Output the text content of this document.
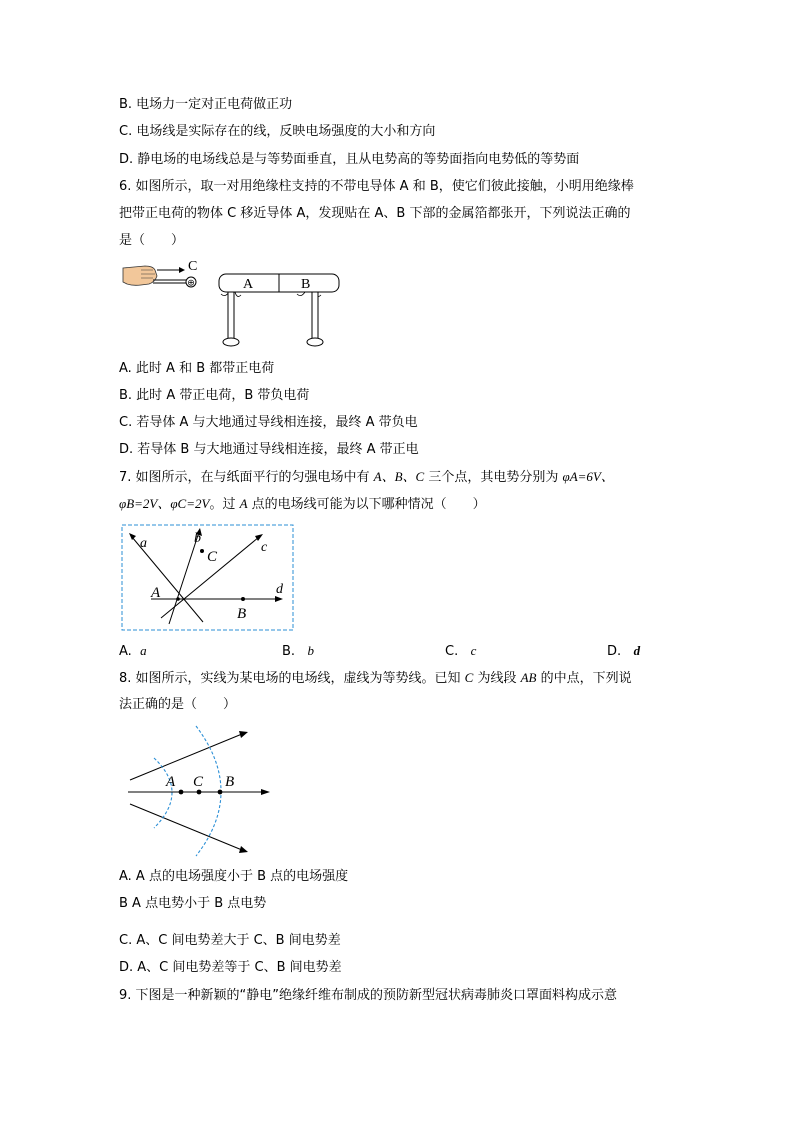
B. 电场力一定对正电荷做正功
C. 电场线是实际存在的线，反映电场强度的大小和方向
D. 静电场的电场线总是与等势面垂直，且从电势高的等势面指向电势低的等势面
6. 如图所示，取一对用绝缘柱支持的不带电导体 A 和 B，使它们彼此接触，小明用绝缘棒
把带正电荷的物体 C 移近导体 A，发现贴在 A、B 下部的金属箔都张开，下列说法正确的
是（　　）
⊕
C
A	B
A. 此时 A 和 B 都带正电荷
B. 此时 A 带正电荷，B 带负电荷
C. 若导体 A 与大地通过导线相连接，最终 A 带负电
D. 若导体 B 与大地通过导线相连接，最终 A 带正电
7. 如图所示，在与纸面平行的匀强电场中有 A、B、C 三个点，其电势分别为 φA=6V、
φB=2V、φC=2V。过 A 点的电场线可能为以下哪种情况（　　）
a	b
c
d
A
B
C
A. a	B. b	C. c	D. d
8. 如图所示，实线为某电场的电场线，虚线为等势线。已知 C 为线段 AB 的中点，下列说
法正确的是（　　）
A C B
A. A 点的电场强度小于 B 点的电场强度
B A 点电势小于 B 点电势
C. A、C 间电势差大于 C、B 间电势差
D. A、C 间电势差等于 C、B 间电势差
9. 下图是一种新颖的“静电”绝缘纤维布制成的预防新型冠状病毒肺炎口罩面料构成示意
